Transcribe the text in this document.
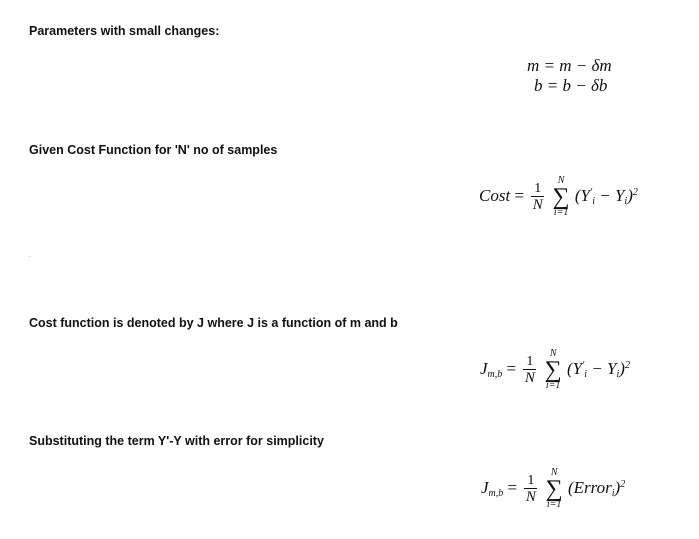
Parameters with small changes:
m = m − δm
b = b − δb
Given Cost Function for 'N' no of samples
Cost = $\frac{1}{N}$
	N
∑
i=1
$(Y'_i - Y_i)^2$
Cost function is denoted by J where J is a function of m and b
$J_{m,b} = \frac{1}{N}$
	N
∑
i=1
$(Y'_i - Y_i)^2$
Substituting the term Y'-Y with error for simplicity
$J_{m,b} = \frac{1}{N}$
	N
∑
i=1
(Error$_i$)$^2$
